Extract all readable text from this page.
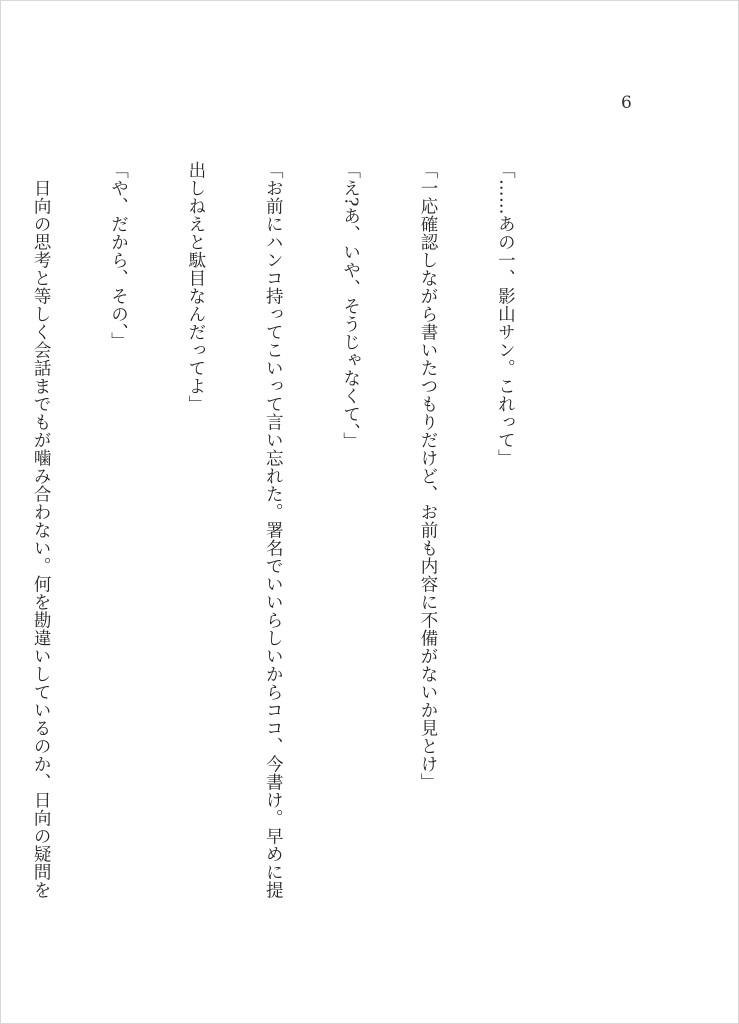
6

「……あの一、影山サン。これって」

「一応確認しながら書いたつもりだけど、お前も内容に不備がないか見とけ」

「え?あ、いや、そうじゃなくて、」

「お前にハンコ持ってこいって言い忘れた。署名でいいらしいからココ、今書け。早めに提

出しねえと駄目なんだってよ」

「や、だから、その、」

　日向の思考と等しく会話までもが噛み合わない。何を勘違いしているのか、日向の疑問を
